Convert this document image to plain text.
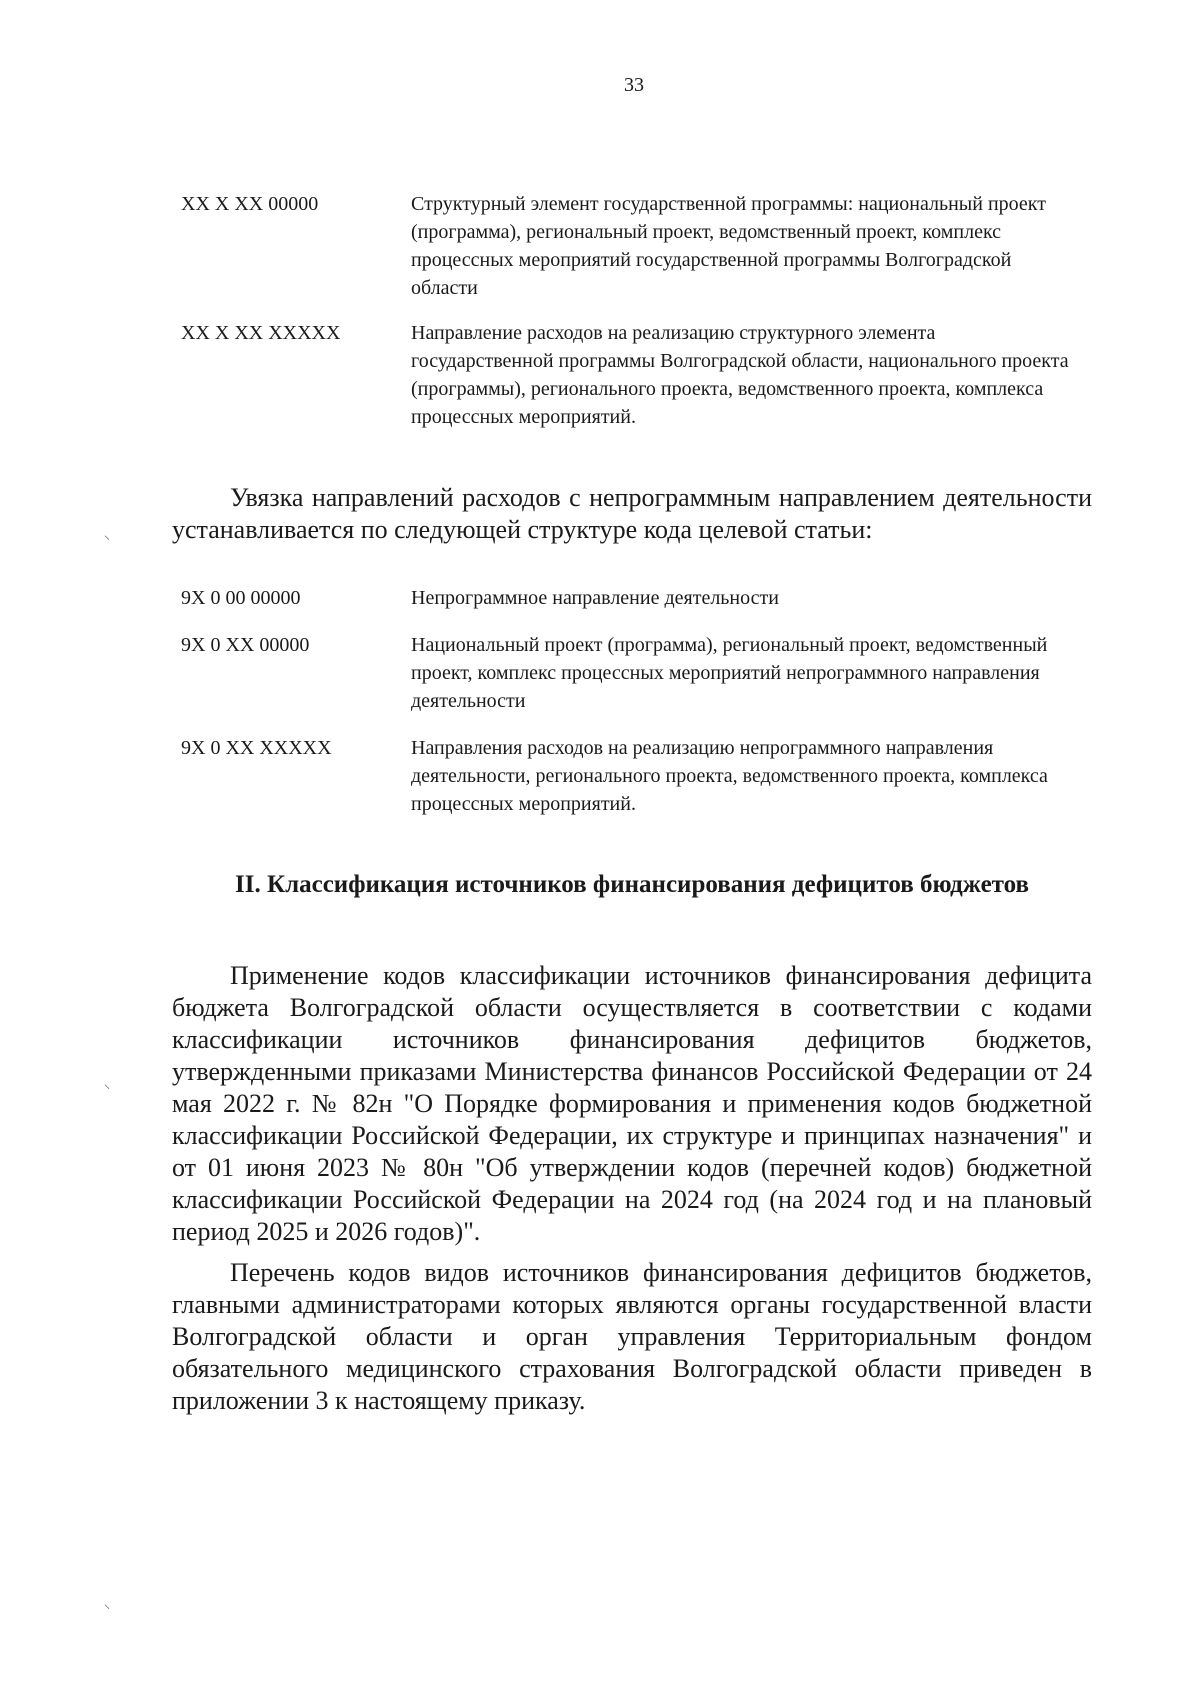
33
XX X XX 00000	Структурный элемент государственной программы: национальный проект (программа), региональный проект, ведомственный проект, комплекс процессных мероприятий государственной программы Волгоградской области
XX X XX XXXXX	Направление расходов на реализацию структурного элемента государственной программы Волгоградской области, национального проекта (программы), регионального проекта, ведомственного проекта, комплекса процессных мероприятий.

Увязка направлений расходов с непрограммным направлением деятельности устанавливается по следующей структуре кода целевой статьи:

9X 0 00 00000	Непрограммное направление деятельности
9X 0 XX 00000	Национальный проект (программа), региональный проект, ведомственный проект, комплекс процессных мероприятий непрограммного направления деятельности
9X 0 XX XXXXX	Направления расходов на реализацию непрограммного направления деятельности, регионального проекта, ведомственного проекта, комплекса процессных мероприятий.
II. Классификация источников финансирования дефицитов бюджетов

Применение кодов классификации источников финансирования дефицита бюджета Волгоградской области осуществляется в соответствии с кодами классификации источников финансирования дефицитов бюджетов, утвержденными приказами Министерства финансов Российской Федерации от 24 мая 2022 г. № 82н "О Порядке формирования и применения кодов бюджетной классификации Российской Федерации, их структуре и принципах назначения" и от 01 июня 2023 № 80н "Об утверждении кодов (перечней кодов) бюджетной классификации Российской Федерации на 2024 год (на 2024 год и на плановый период 2025 и 2026 годов)".

Перечень кодов видов источников финансирования дефицитов бюджетов, главными администраторами которых являются органы государственной власти Волгоградской области и орган управления Территориальным фондом обязательного медицинского страхования Волгоградской области приведен в приложении 3 к настоящему приказу.

⸜
⸜
⸜
